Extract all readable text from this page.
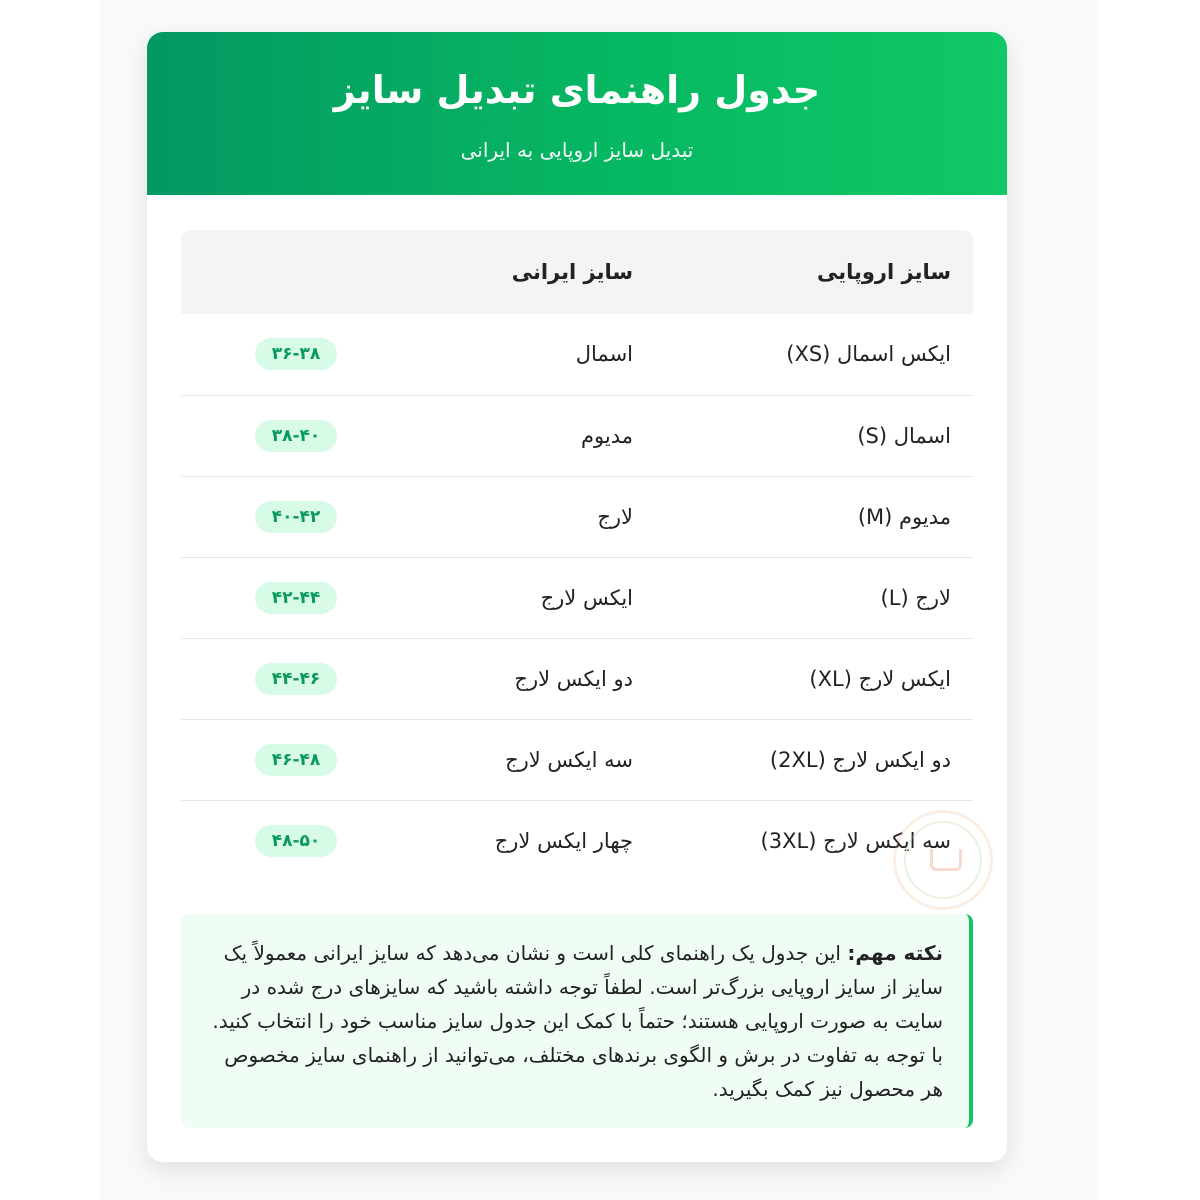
جدول راهنمای تبدیل سایز
تبدیل سایز اروپایی به ایرانی
سایز اروپایی	سایز ایرانی	
ایکس اسمال (XS)	اسمال	۳۶-۳۸
اسمال (S)	مدیوم	۳۸-۴۰
مدیوم (M)	لارج	۴۰-۴۲
لارج (L)	ایکس لارج	۴۲-۴۴
ایکس لارج (XL)	دو ایکس لارج	۴۴-۴۶
دو ایکس لارج (2XL)	سه ایکس لارج	۴۶-۴۸
سه ایکس لارج (3XL)	چهار ایکس لارج	۴۸-۵۰
نکته مهم: این جدول یک راهنمای کلی است و نشان می‌دهد که سایز ایرانی معمولاً یک سایز از سایز اروپایی بزرگ‌تر است. لطفاً توجه داشته باشید که سایزهای درج شده در سایت به صورت اروپایی هستند؛ حتماً با کمک این جدول سایز مناسب خود را انتخاب کنید. با توجه به تفاوت در برش و الگوی برندهای مختلف، می‌توانید از راهنمای سایز مخصوص هر محصول نیز کمک بگیرید.
